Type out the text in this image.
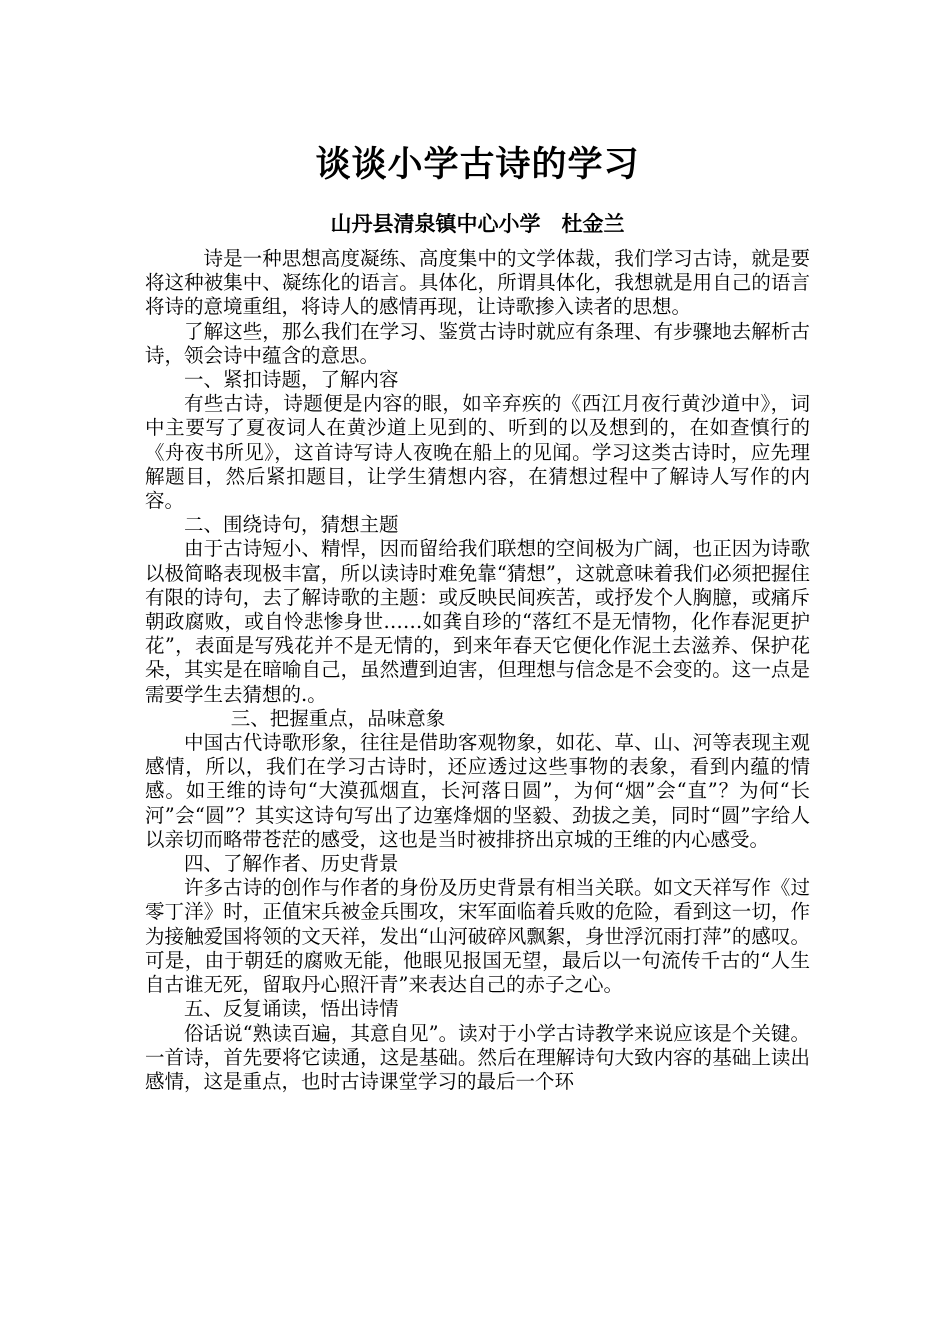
谈谈小学古诗的学习
山丹县清泉镇中心小学　杜金兰

诗是一种思想高度凝练、高度集中的文学体裁，我们学习古诗，就是要将这种被集中、凝练化的语言。具体化，所谓具体化，我想就是用自己的语言将诗的意境重组，将诗人的感情再现，让诗歌掺入读者的思想。

了解这些，那么我们在学习、鉴赏古诗时就应有条理、有步骤地去解析古诗，领会诗中蕴含的意思。

一、紧扣诗题，了解内容

有些古诗，诗题便是内容的眼，如辛弃疾的《西江月夜行黄沙道中》，词中主要写了夏夜词人在黄沙道上见到的、听到的以及想到的，在如查慎行的《舟夜书所见》，这首诗写诗人夜晚在船上的见闻。学习这类古诗时，应先理解题目，然后紧扣题目，让学生猜想内容，在猜想过程中了解诗人写作的内容。

二、围绕诗句，猜想主题

由于古诗短小、精悍，因而留给我们联想的空间极为广阔，也正因为诗歌以极简略表现极丰富，所以读诗时难免靠“猜想”，这就意味着我们必须把握住有限的诗句，去了解诗歌的主题：或反映民间疾苦，或抒发个人胸臆，或痛斥朝政腐败，或自怜悲惨身世……如龚自珍的“落红不是无情物，化作春泥更护花”，表面是写残花并不是无情的，到来年春天它便化作泥土去滋养、保护花朵，其实是在暗喻自己，虽然遭到迫害，但理想与信念是不会变的。这一点是需要学生去猜想的.。

三、把握重点，品味意象

中国古代诗歌形象，往往是借助客观物象，如花、草、山、河等表现主观感情，所以，我们在学习古诗时，还应透过这些事物的表象，看到内蕴的情感。如王维的诗句“大漠孤烟直，长河落日圆”，为何“烟”会“直”？为何“长河”会“圆”？其实这诗句写出了边塞烽烟的坚毅、劲拔之美，同时“圆”字给人以亲切而略带苍茫的感受，这也是当时被排挤出京城的王维的内心感受。

四、了解作者、历史背景

许多古诗的创作与作者的身份及历史背景有相当关联。如文天祥写作《过零丁洋》时，正值宋兵被金兵围攻，宋军面临着兵败的危险，看到这一切，作为接触爱国将领的文天祥，发出“山河破碎风飘絮，身世浮沉雨打萍”的感叹。可是，由于朝廷的腐败无能，他眼见报国无望，最后以一句流传千古的“人生自古谁无死，留取丹心照汗青”来表达自己的赤子之心。

五、反复诵读，悟出诗情

俗话说“熟读百遍，其意自见”。读对于小学古诗教学来说应该是个关键。一首诗，首先要将它读通，这是基础。然后在理解诗句大致内容的基础上读出感情，这是重点，也时古诗课堂学习的最后一个环
